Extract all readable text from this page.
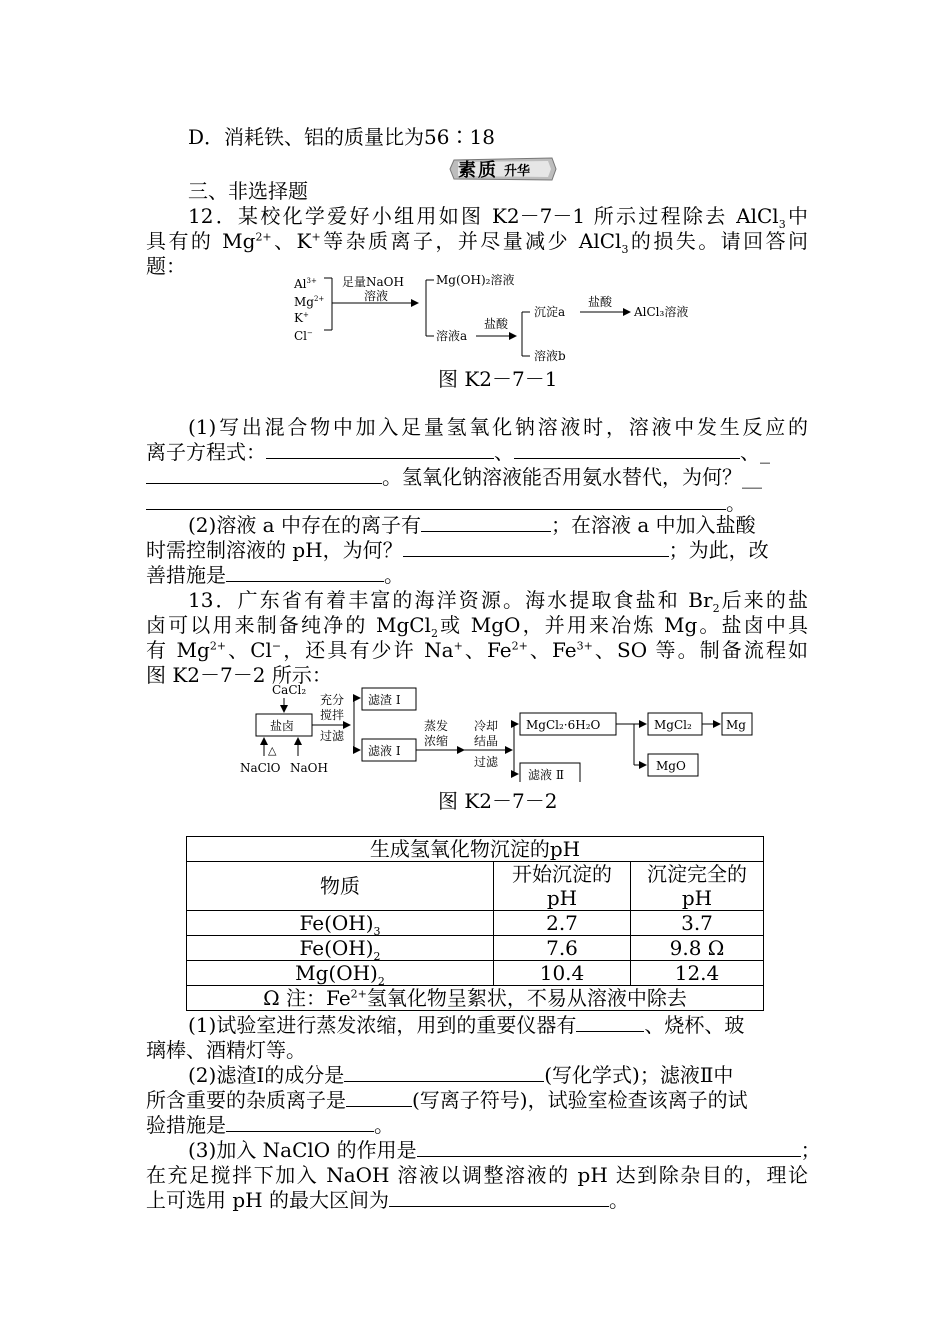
D．消耗铁、铝的质量比为56∶18
素 质 升华
三、非选择题
12．某校化学爱好小组用如图 K2－7－1 所示过程除去 AlCl$_3$中
具有的 $Mg^{2+}$、K+等杂质离子，并尽量减少 AlCl$_3$的损失。请回答问
题：
$Al^{3+}$
$Mg^{2+}$
K+
Cl−
足量NaOH
溶液
Mg(OH)₂溶液
溶液a
盐酸
沉淀a
溶液b
盐酸
AlCl₃溶液
图 K2－7－1
(1)写出混合物中加入足量氢氧化钠溶液时，溶液中发生反应的
离子方程式：	、	、_
。氢氧化钠溶液能否用氨水替代，为何？__
。
(2)溶液 a 中存在的离子有	；在溶液 a 中加入盐酸
时需控制溶液的 pH，为何？	；为此，改
善措施是	。
13．广东省有着丰富的海洋资源。海水提取食盐和 $Br_2$后来的盐
卤可以用来制备纯净的 MgCl$_2$或 MgO，并用来冶炼 Mg。盐卤中具
有 $Mg^{2+}$、Cl−，还具有少许 Na+、$Fe^{2+}$、$Fe^{3+}$、SO 等。制备流程如
图 K2－7－2 所示：
CaCl₂
盐卤
△
NaClO NaOH
充分
搅拌
过滤
滤渣 Ⅰ
滤液 Ⅰ
蒸发
浓缩
冷却
结晶
过滤
MgCl₂·6H₂O
滤液 Ⅱ
MgCl₂	Mg
MgO
图 K2－7－2
生成氢氧化物沉淀的pH		
物质	开始沉淀的pH	沉淀完全的pH
$Fe(OH)_3$	2.7	3.7
$Fe(OH)_2$	7.6	9.8 Ω
$Mg(OH)_2$	10.4	12.4
Ω 注：$Fe^{2+}$氢氧化物呈絮状，不易从溶液中除去		
(1)试验室进行蒸发浓缩，用到的重要仪器有	、烧杯、玻
璃棒、酒精灯等。
(2)滤渣Ⅰ的成分是	(写化学式)；滤液Ⅱ中
所含重要的杂质离子是	(写离子符号)，试验室检查该离子的试
验措施是	。
(3)加入 NaClO 的作用是	；
在充足搅拌下加入 NaOH 溶液以调整溶液的 pH 达到除杂目的，理论
上可选用 pH 的最大区间为	。
